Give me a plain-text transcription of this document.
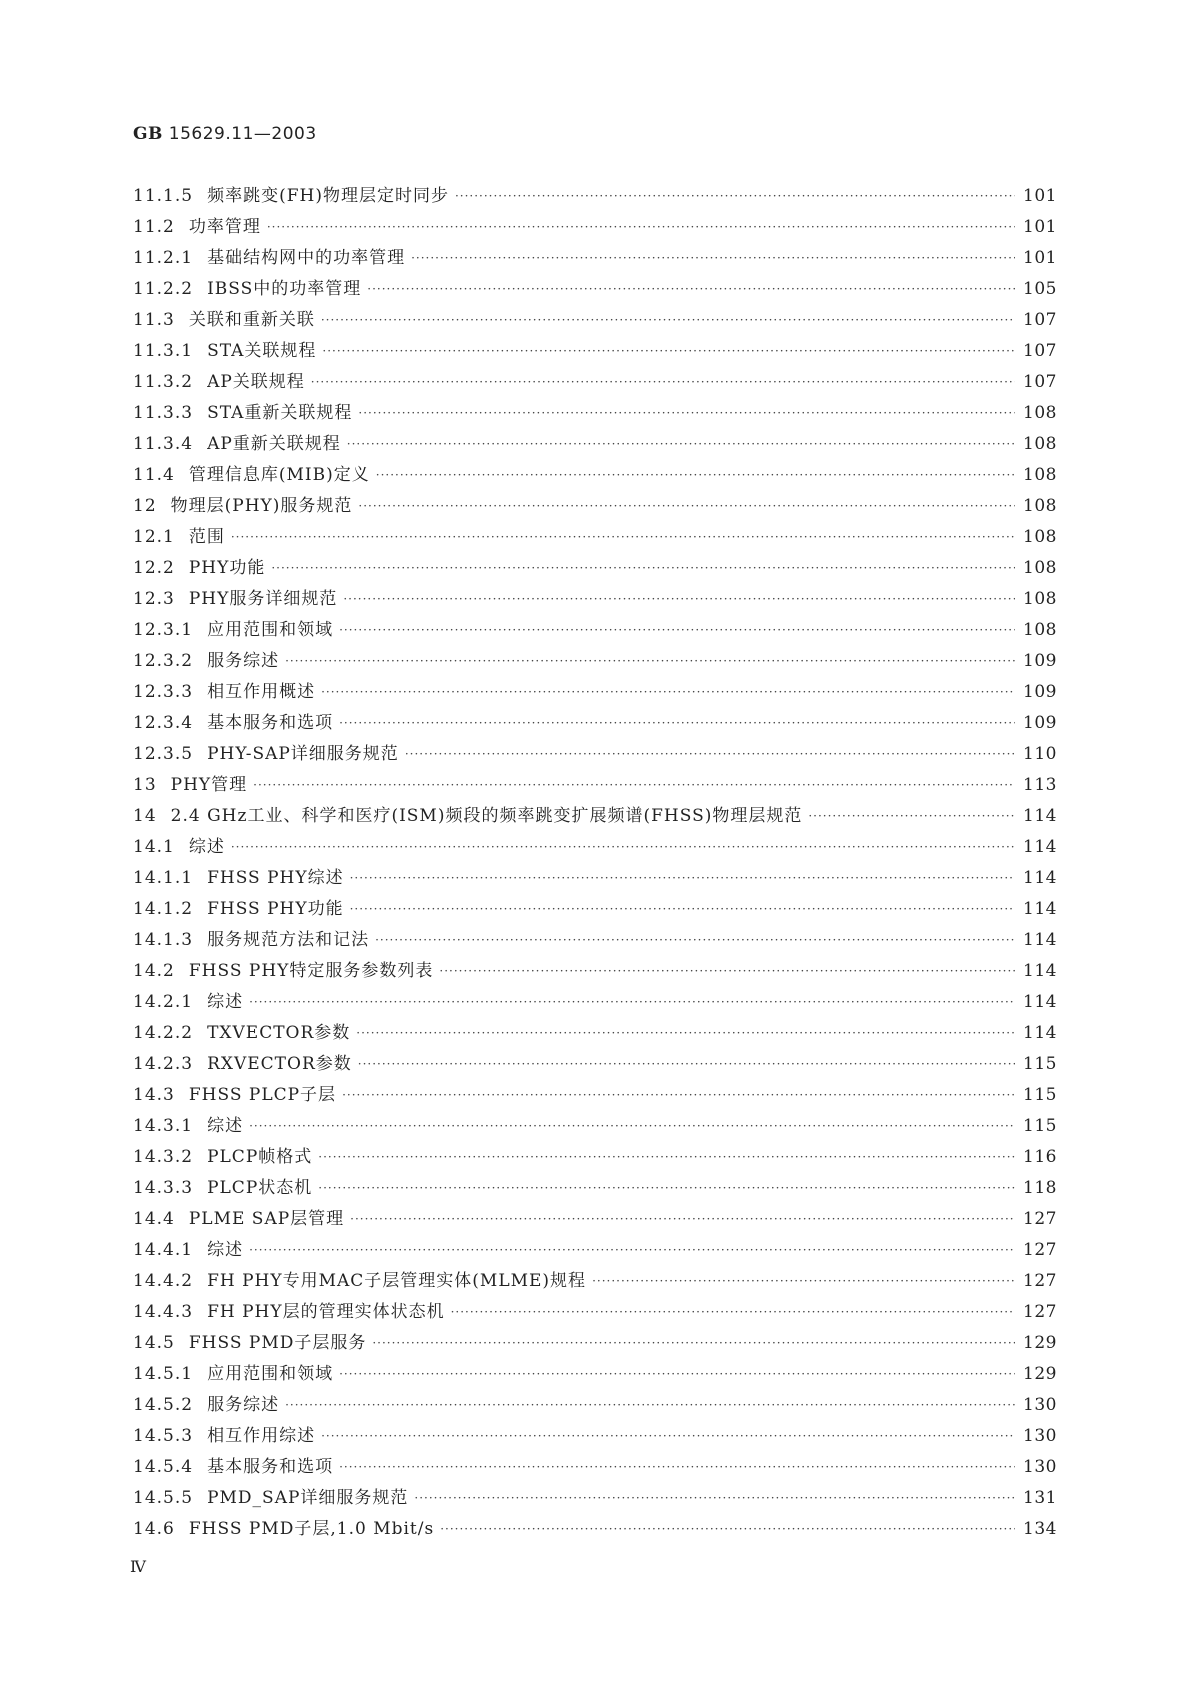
GB 15629.11—2003
11.1.5 频率跳变(FH)物理层定时同步 ·····	101
11.2 功率管理 ·····	101
11.2.1 基础结构网中的功率管理 ·····	101
11.2.2 IBSS中的功率管理 ·····	105
11.3 关联和重新关联 ·····	107
11.3.1 STA关联规程 ·····	107
11.3.2 AP关联规程 ·····	107
11.3.3 STA重新关联规程 ·····	108
11.3.4 AP重新关联规程 ·····	108
11.4 管理信息库(MIB)定义 ·····	108
12 物理层(PHY)服务规范 ·····	108
12.1 范围 ·····	108
12.2 PHY功能 ·····	108
12.3 PHY服务详细规范 ·····	108
12.3.1 应用范围和领域 ·····	108
12.3.2 服务综述 ·····	109
12.3.3 相互作用概述 ·····	109
12.3.4 基本服务和选项 ·····	109
12.3.5 PHY-SAP详细服务规范 ·····	110
13 PHY管理 ·····	113
14 2.4 GHz工业、科学和医疗(ISM)频段的频率跳变扩展频谱(FHSS)物理层规范 ·····	114
14.1 综述 ·····	114
14.1.1 FHSS PHY综述 ·····	114
14.1.2 FHSS PHY功能 ·····	114
14.1.3 服务规范方法和记法 ·····	114
14.2 FHSS PHY特定服务参数列表 ·····	114
14.2.1 综述 ·····	114
14.2.2 TXVECTOR参数 ·····	114
14.2.3 RXVECTOR参数 ·····	115
14.3 FHSS PLCP子层 ·····	115
14.3.1 综述 ·····	115
14.3.2 PLCP帧格式 ·····	116
14.3.3 PLCP状态机 ·····	118
14.4 PLME SAP层管理 ·····	127
14.4.1 综述 ·····	127
14.4.2 FH PHY专用MAC子层管理实体(MLME)规程 ·····	127
14.4.3 FH PHY层的管理实体状态机 ·····	127
14.5 FHSS PMD子层服务 ·····	129
14.5.1 应用范围和领域 ·····	129
14.5.2 服务综述 ·····	130
14.5.3 相互作用综述 ·····	130
14.5.4 基本服务和选项 ·····	130
14.5.5 PMD_SAP详细服务规范 ·····	131
14.6 FHSS PMD子层,1.0 Mbit/s ·····	134
Ⅳ
